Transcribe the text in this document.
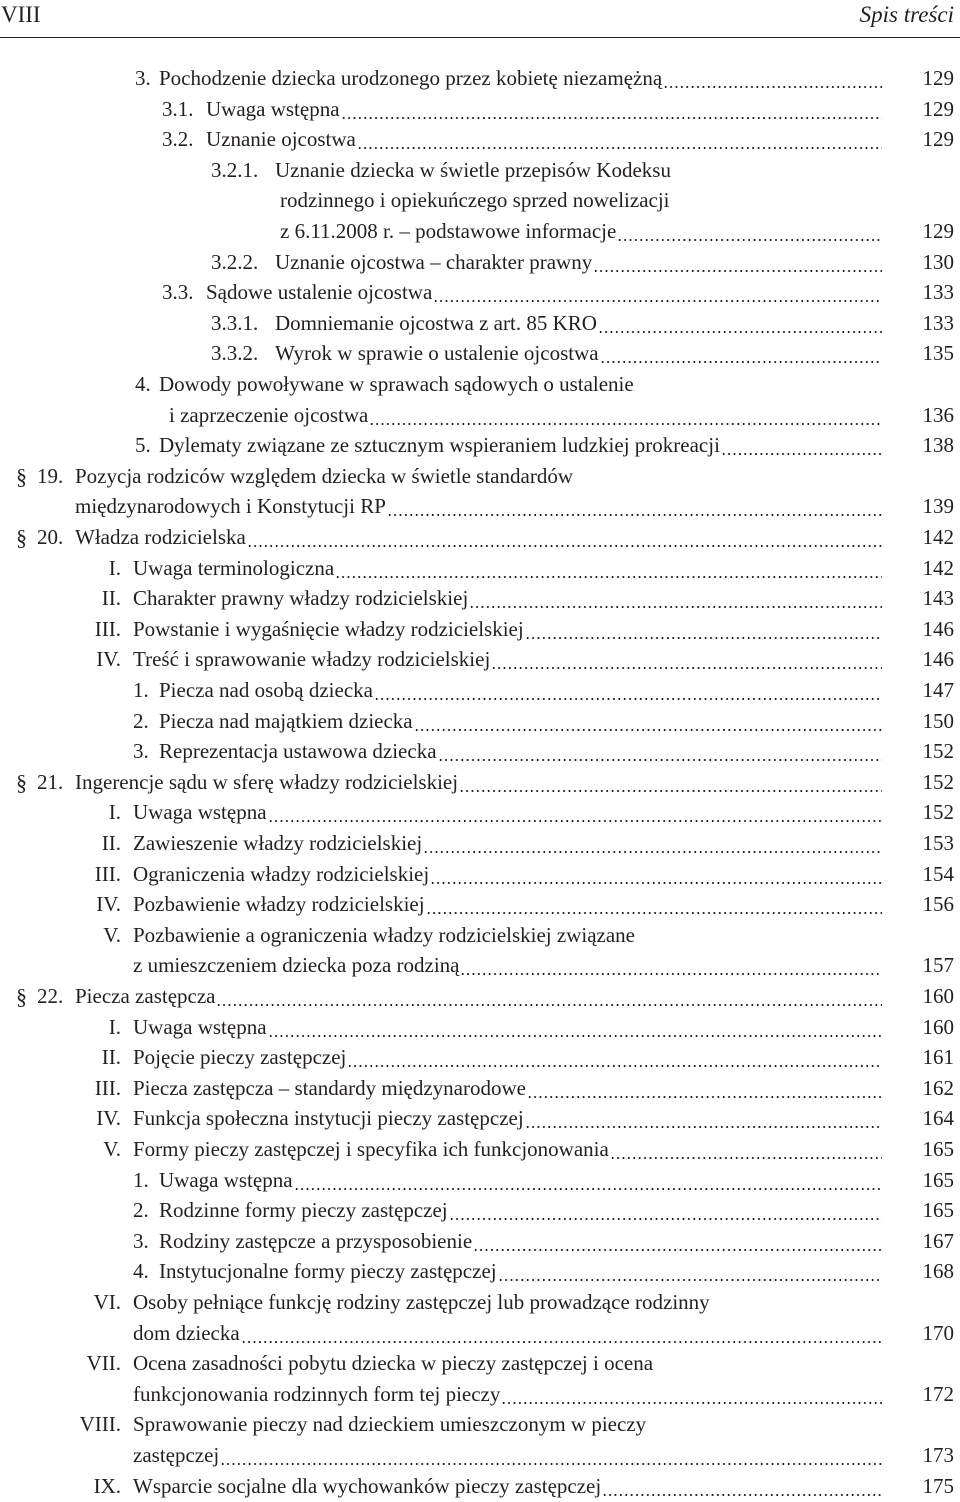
VIII	Spis treści
3. Pochodzenie dziecka urodzonego przez kobietę niezamężną	129
3.1. Uwaga wstępna	129
3.2. Uznanie ojcostwa	129
3.2.1. Uznanie dziecka w świetle przepisów Kodeksu
rodzinnego i opiekuńczego sprzed nowelizacji
z 6.11.2008 r. – podstawowe informacje	129
3.2.2. Uznanie ojcostwa – charakter prawny	130
3.3. Sądowe ustalenie ojcostwa	133
3.3.1. Domniemanie ojcostwa z art. 85 KRO	133
3.3.2. Wyrok w sprawie o ustalenie ojcostwa	135
4. Dowody powoływane w sprawach sądowych o ustalenie
i zaprzeczenie ojcostwa	136
5. Dylematy związane ze sztucznym wspieraniem ludzkiej prokreacji	138
§ 19. Pozycja rodziców względem dziecka w świetle standardów
międzynarodowych i Konstytucji RP	139
§ 20. Władza rodzicielska	142
I. Uwaga terminologiczna	142
II. Charakter prawny władzy rodzicielskiej	143
III. Powstanie i wygaśnięcie władzy rodzicielskiej	146
IV. Treść i sprawowanie władzy rodzicielskiej	146
1. Piecza nad osobą dziecka	147
2. Piecza nad majątkiem dziecka	150
3. Reprezentacja ustawowa dziecka	152
§ 21. Ingerencje sądu w sferę władzy rodzicielskiej	152
I. Uwaga wstępna	152
II. Zawieszenie władzy rodzicielskiej	153
III. Ograniczenia władzy rodzicielskiej	154
IV. Pozbawienie władzy rodzicielskiej	156
V. Pozbawienie a ograniczenia władzy rodzicielskiej związane
z umieszczeniem dziecka poza rodziną	157
§ 22. Piecza zastępcza	160
I. Uwaga wstępna	160
II. Pojęcie pieczy zastępczej	161
III. Piecza zastępcza – standardy międzynarodowe	162
IV. Funkcja społeczna instytucji pieczy zastępczej	164
V. Formy pieczy zastępczej i specyfika ich funkcjonowania	165
1. Uwaga wstępna	165
2. Rodzinne formy pieczy zastępczej	165
3. Rodziny zastępcze a przysposobienie	167
4. Instytucjonalne formy pieczy zastępczej	168
VI. Osoby pełniące funkcję rodziny zastępczej lub prowadzące rodzinny
dom dziecka	170
VII. Ocena zasadności pobytu dziecka w pieczy zastępczej i ocena
funkcjonowania rodzinnych form tej pieczy	172
VIII. Sprawowanie pieczy nad dzieckiem umieszczonym w pieczy
zastępczej	173
IX. Wsparcie socjalne dla wychowanków pieczy zastępczej	175
